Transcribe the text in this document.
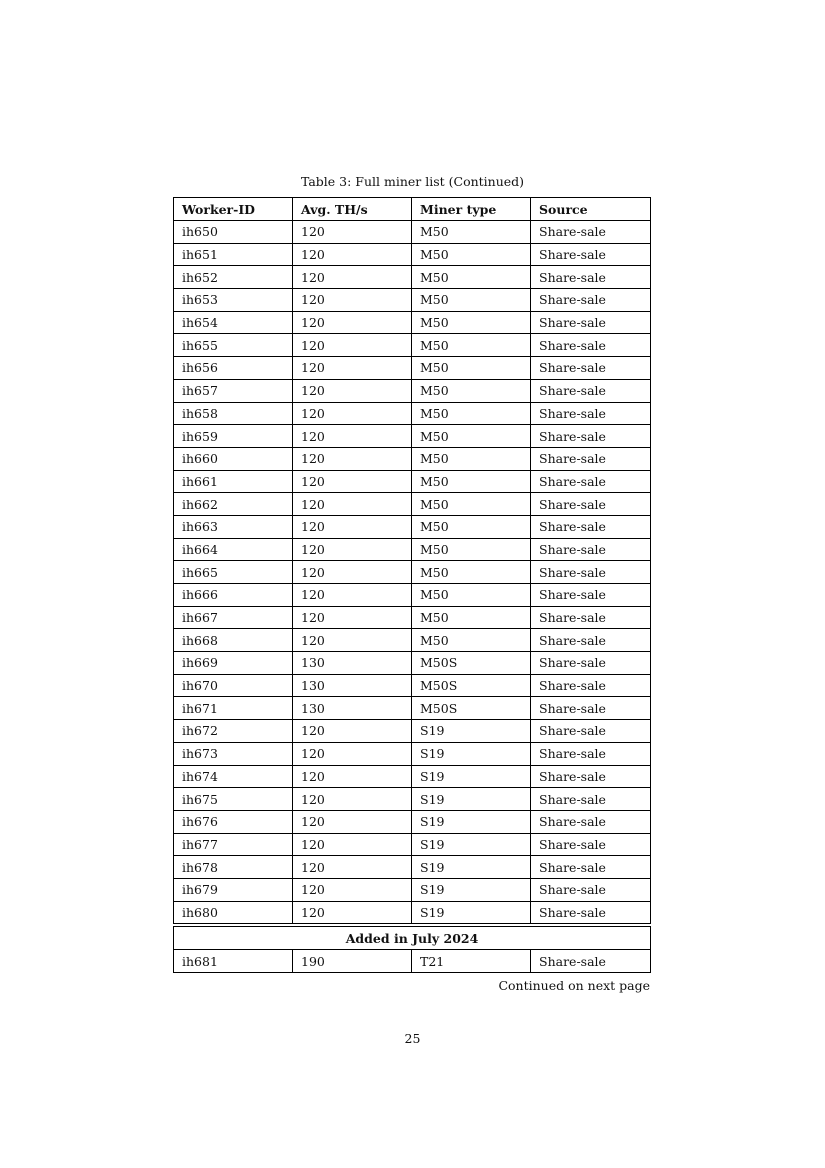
Table 3: Full miner list (Continued)
Worker-ID	Avg. TH/s	Miner type	Source
ih650	120	M50	Share-sale
ih651	120	M50	Share-sale
ih652	120	M50	Share-sale
ih653	120	M50	Share-sale
ih654	120	M50	Share-sale
ih655	120	M50	Share-sale
ih656	120	M50	Share-sale
ih657	120	M50	Share-sale
ih658	120	M50	Share-sale
ih659	120	M50	Share-sale
ih660	120	M50	Share-sale
ih661	120	M50	Share-sale
ih662	120	M50	Share-sale
ih663	120	M50	Share-sale
ih664	120	M50	Share-sale
ih665	120	M50	Share-sale
ih666	120	M50	Share-sale
ih667	120	M50	Share-sale
ih668	120	M50	Share-sale
ih669	130	M50S	Share-sale
ih670	130	M50S	Share-sale
ih671	130	M50S	Share-sale
ih672	120	S19	Share-sale
ih673	120	S19	Share-sale
ih674	120	S19	Share-sale
ih675	120	S19	Share-sale
ih676	120	S19	Share-sale
ih677	120	S19	Share-sale
ih678	120	S19	Share-sale
ih679	120	S19	Share-sale
ih680	120	S19	Share-sale
Added in July 2024
ih681	190	T21	Share-sale
Continued on next page
25
